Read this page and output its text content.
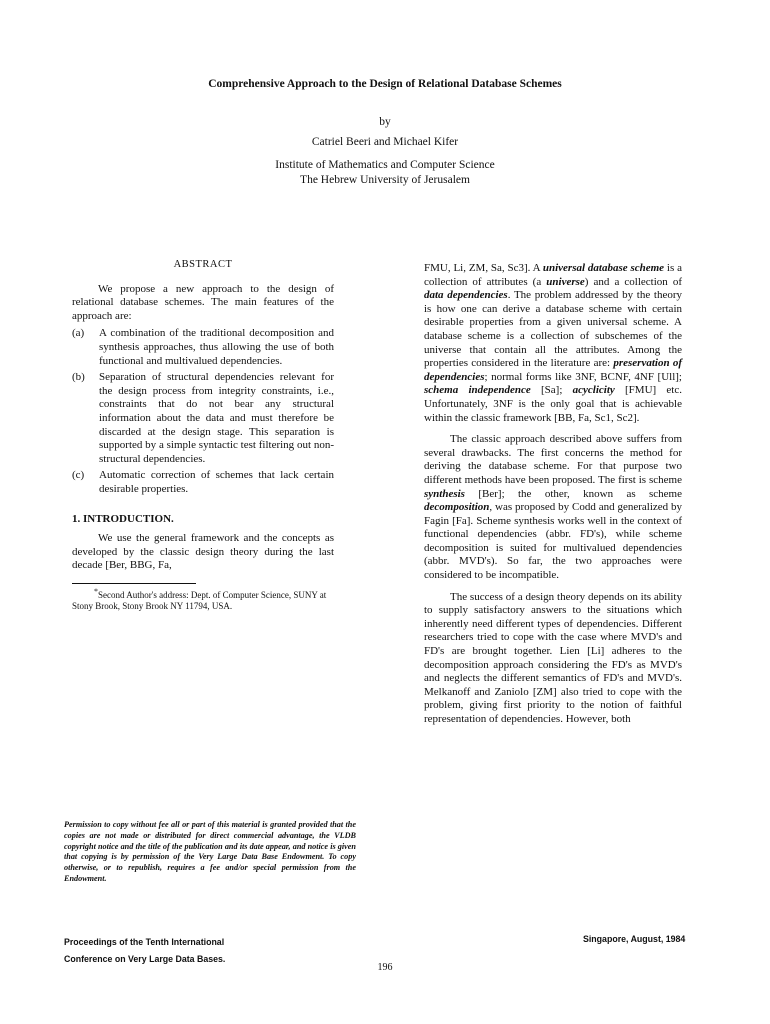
Comprehensive Approach to the Design of Relational Database Schemes

by

Catriel Beeri and Michael Kifer

Institute of Mathematics and Computer Science
The Hebrew University of Jerusalem
ABSTRACT

We propose a new approach to the design of relational database schemes. The main features of the approach are:

(a)	A combination of the traditional decomposition and synthesis approaches, thus allowing the use of both functional and multivalued dependencies.
(b)	Separation of structural dependencies relevant for the design process from integrity constraints, i.e., constraints that do not bear any structural information about the data and must therefore be discarded at the design stage. This separation is supported by a simple syntactic test filtering out non-structural dependencies.
(c)	Automatic correction of schemes that lack certain desirable properties.
1. INTRODUCTION.

We use the general framework and the concepts as developed by the classic design theory during the last decade [Ber, BBG, Fa,

*Second Author's address: Dept. of Computer Science, SUNY at Stony Brook, Stony Brook NY 11794, USA.

FMU, Li, ZM, Sa, Sc3]. A universal database scheme is a collection of attributes (a universe) and a collection of data dependencies. The problem addressed by the theory is how one can derive a database scheme with certain desirable properties from a given universal scheme. A database scheme is a collection of subschemes of the universe that contain all the attributes. Among the properties considered in the literature are: preservation of dependencies; normal forms like 3NF, BCNF, 4NF [Ull]; schema independence [Sa]; acyclicity [FMU] etc. Unfortunately, 3NF is the only goal that is achievable within the classic framework [BB, Fa, Sc1, Sc2].

The classic approach described above suffers from several drawbacks. The first concerns the method for deriving the database scheme. For that purpose two different methods have been proposed. The first is scheme synthesis [Ber]; the other, known as scheme decomposition, was proposed by Codd and generalized by Fagin [Fa]. Scheme synthesis works well in the context of functional dependencies (abbr. FD's), while scheme decomposition is suited for multivalued dependencies (abbr. MVD's). So far, the two approaches were considered to be incompatible.

The success of a design theory depends on its ability to supply satisfactory answers to the situations which inherently need different types of dependencies. Different researchers tried to cope with the case where MVD's and FD's are brought together. Lien [Li] adheres to the decomposition approach considering the FD's as MVD's and neglects the different semantics of FD's and MVD's. Melkanoff and Zaniolo [ZM] also tried to cope with the problem, giving first priority to the notion of faithful representation of dependencies. However, both

Permission to copy without fee all or part of this material is granted provided that the copies are not made or distributed for direct commercial advantage, the VLDB copyright notice and the title of the publication and its date appear, and notice is given that copying is by permission of the Very Large Data Base Endowment. To copy otherwise, or to republish, requires a fee and/or special permission from the Endowment.
Proceedings of the Tenth International
Conference on Very Large Data Bases.
Singapore, August, 1984
196
